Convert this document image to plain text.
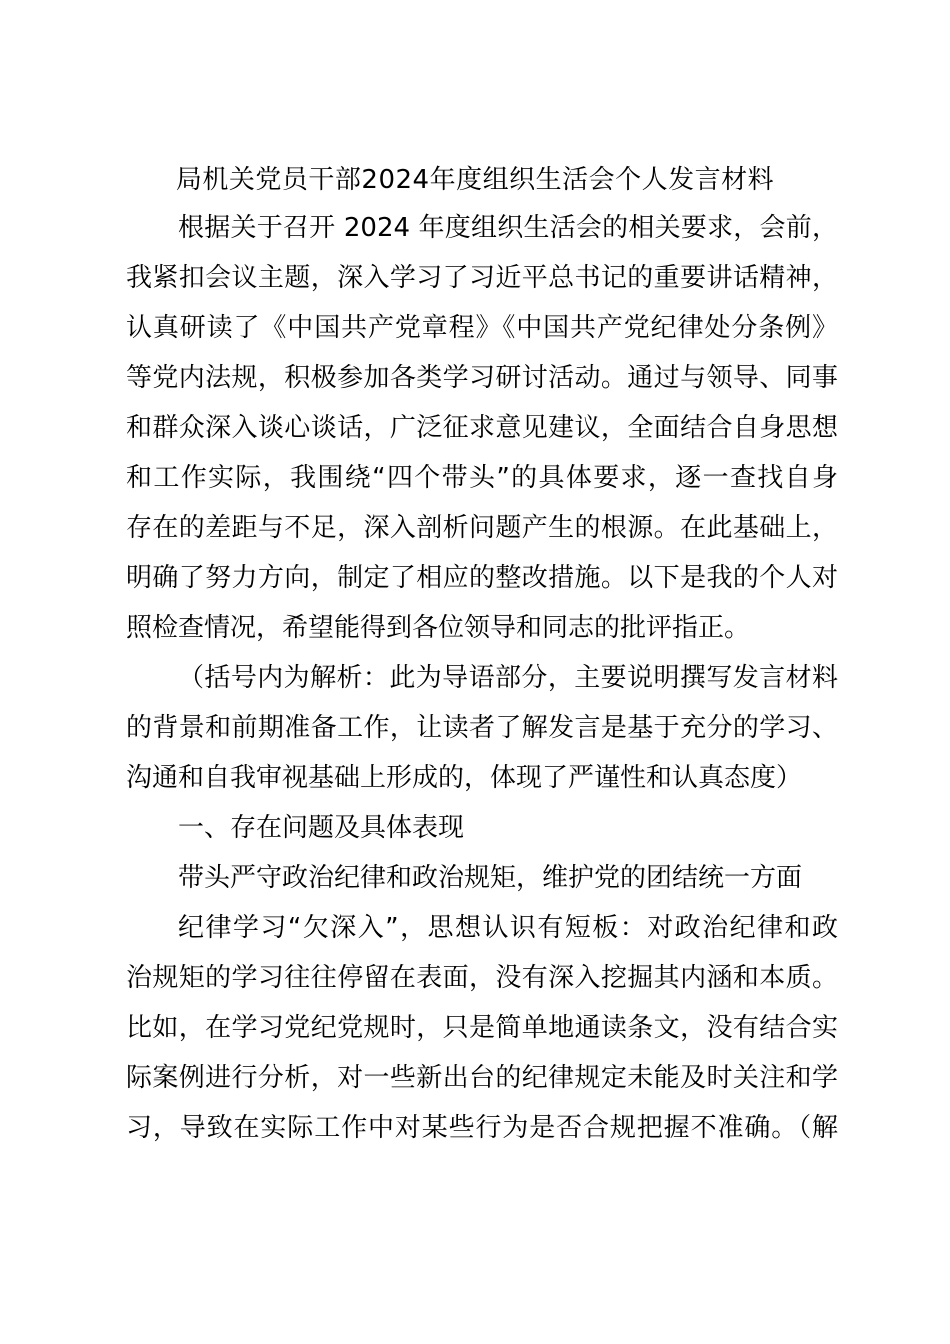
局机关党员干部2024年度组织生活会个人发言材料
根据关于召开 2024 年度组织生活会的相关要求，会前，
我紧扣会议主题，深入学习了习近平总书记的重要讲话精神，
认真研读了《中国共产党章程》《中国共产党纪律处分条例》
等党内法规，积极参加各类学习研讨活动。通过与领导、同事
和群众深入谈心谈话，广泛征求意见建议，全面结合自身思想
和工作实际，我围绕“四个带头”的具体要求，逐一查找自身
存在的差距与不足，深入剖析问题产生的根源。在此基础上，
明确了努力方向，制定了相应的整改措施。以下是我的个人对
照检查情况，希望能得到各位领导和同志的批评指正。
（括号内为解析：此为导语部分，主要说明撰写发言材料
的背景和前期准备工作，让读者了解发言是基于充分的学习、
沟通和自我审视基础上形成的，体现了严谨性和认真态度）
一、存在问题及具体表现
带头严守政治纪律和政治规矩，维护党的团结统一方面
纪律学习“欠深入”，思想认识有短板：对政治纪律和政
治规矩的学习往往停留在表面，没有深入挖掘其内涵和本质。
比如，在学习党纪党规时，只是简单地通读条文，没有结合实
际案例进行分析，对一些新出台的纪律规定未能及时关注和学
习，导致在实际工作中对某些行为是否合规把握不准确。（解
